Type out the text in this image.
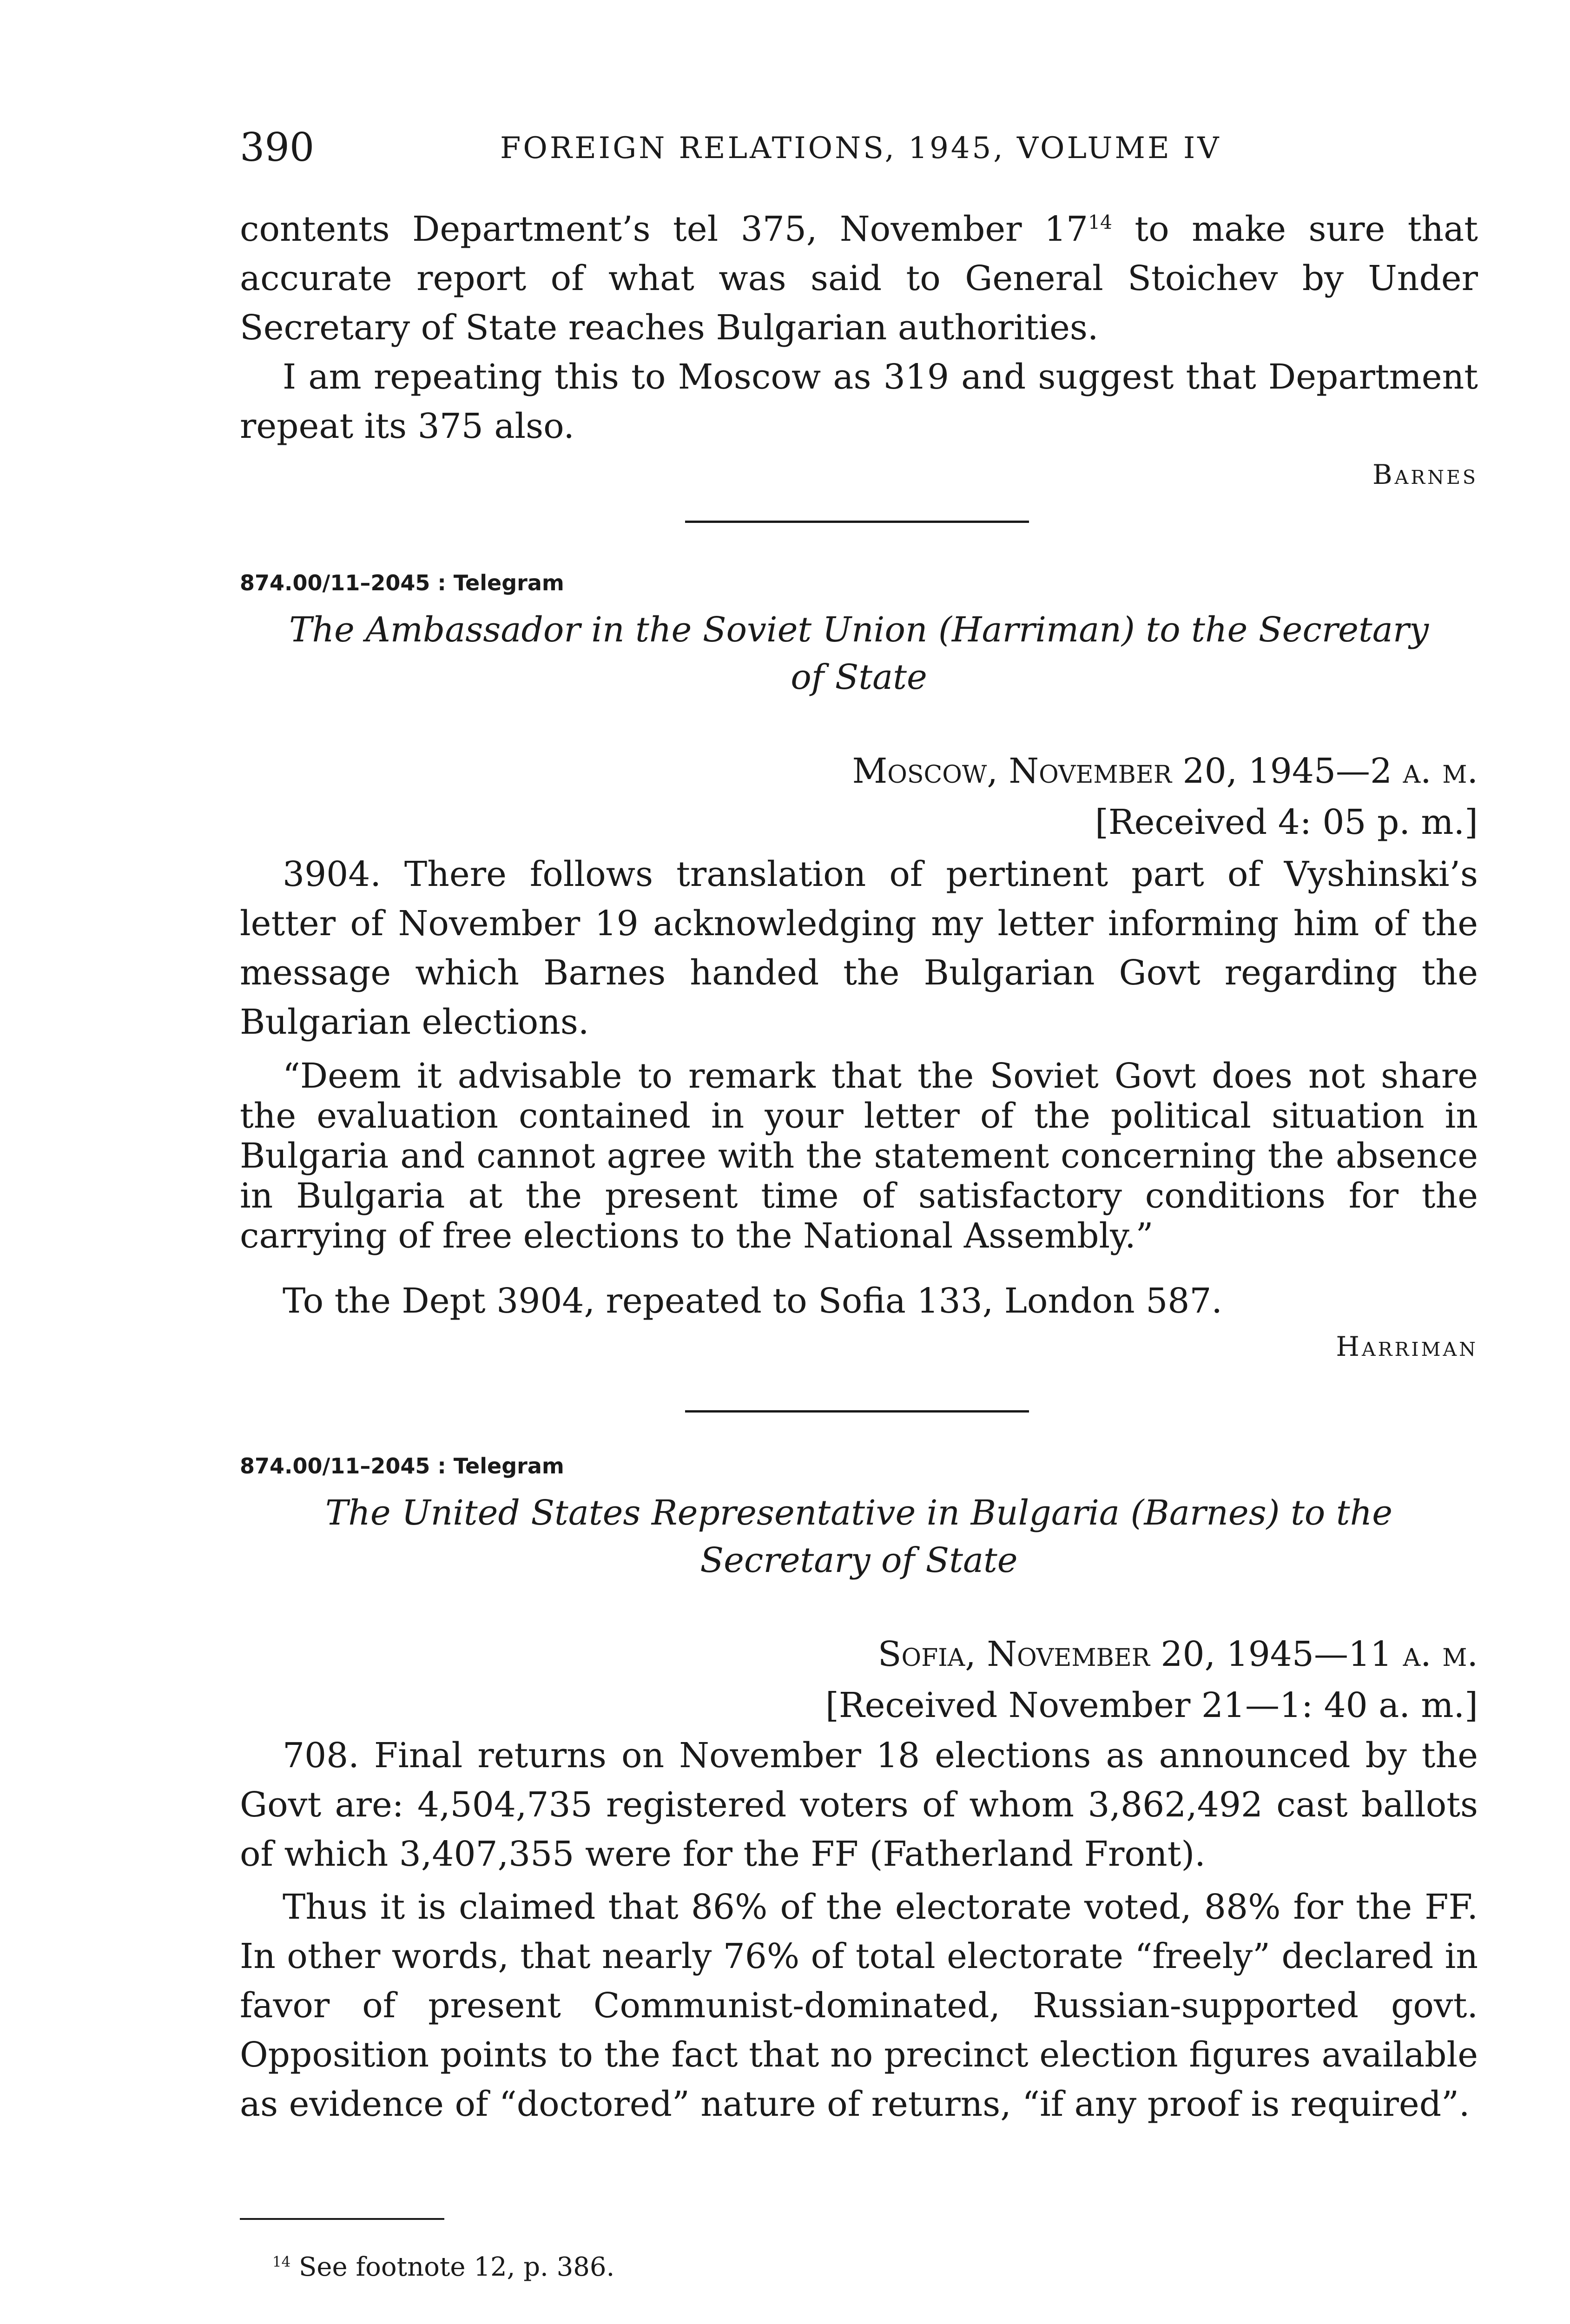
390	FOREIGN RELATIONS, 1945, VOLUME IV

contents Department’s tel 375, November 17$^{14}$ to make sure that accurate report of what was said to General Stoichev by Under Secretary of State reaches Bulgarian authorities.

I am repeating this to Moscow as 319 and suggest that Department repeat its 375 also.

Barnes
874.00/11–2045 : Telegram

The Ambassador in the Soviet Union (Harriman) to the Secretary

of State

Moscow, November 20, 1945—2 a. m.
[Received 4: 05 p. m.]

3904. There follows translation of pertinent part of Vyshinski’s letter of November 19 acknowledging my letter informing him of the message which Barnes handed the Bulgarian Govt regarding the Bulgarian elections.

“Deem it advisable to remark that the Soviet Govt does not share the evaluation contained in your letter of the political situation in Bulgaria and cannot agree with the statement concerning the absence in Bulgaria at the present time of satisfactory conditions for the carrying of free elections to the National Assembly.”

To the Dept 3904, repeated to Sofia 133, London 587.

Harriman
874.00/11–2045 : Telegram

The United States Representative in Bulgaria (Barnes) to the

Secretary of State

Sofia, November 20, 1945—11 a. m.
[Received November 21—1: 40 a. m.]

708. Final returns on November 18 elections as announced by the Govt are: 4,504,735 registered voters of whom 3,862,492 cast ballots of which 3,407,355 were for the FF (Fatherland Front).

Thus it is claimed that 86% of the electorate voted, 88% for the FF. In other words, that nearly 76% of total electorate “freely” declared in favor of present Communist-dominated, Russian-supported govt. Opposition points to the fact that no precinct election figures available as evidence of “doctored” nature of returns, “if any proof is required”.

$^{14}$ See footnote 12, p. 386.
